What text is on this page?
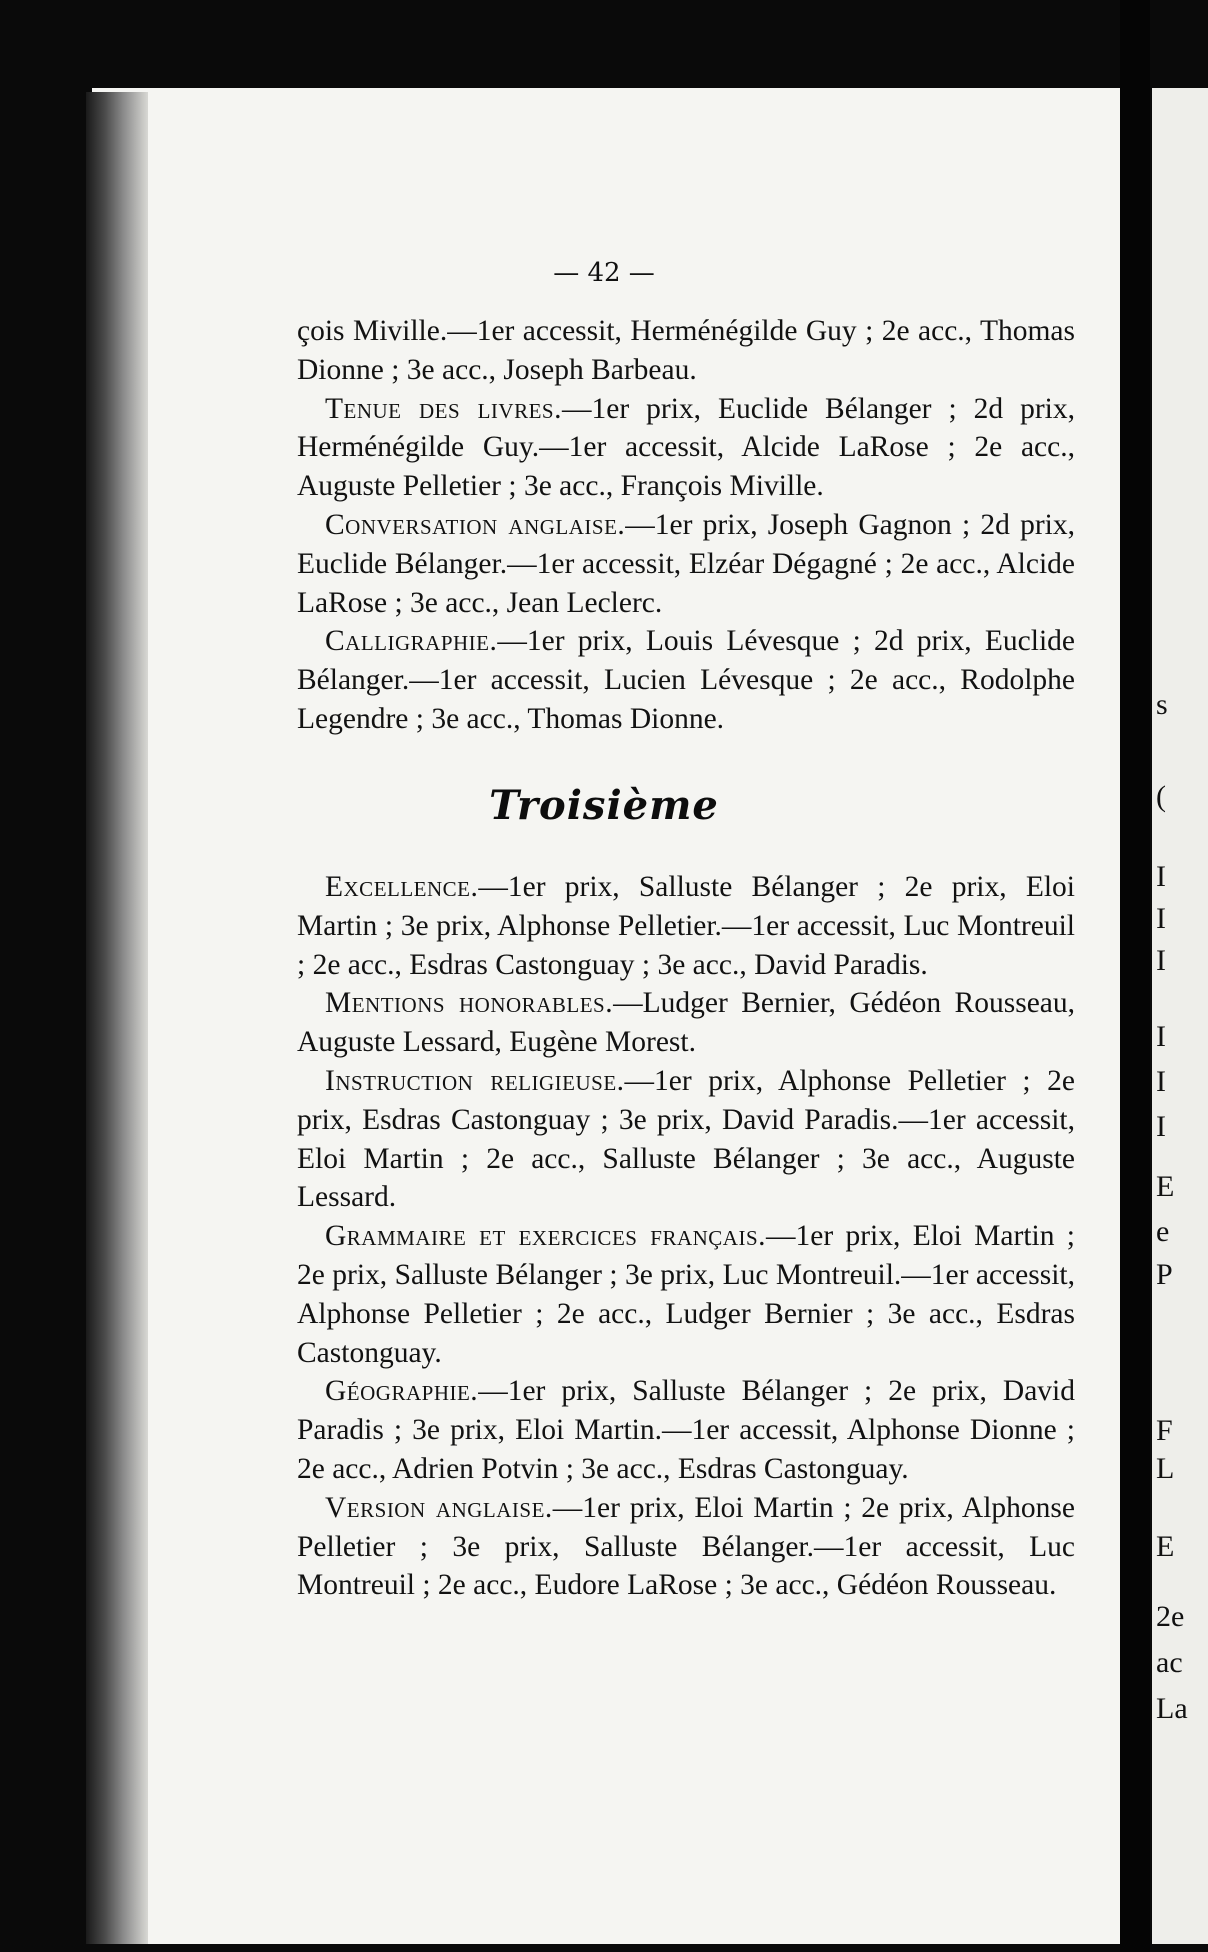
s
(
I
I
I
I
I
I
E
e
P
F
L
E
2e
ac
La
— 42 —

çois Miville.—1er accessit, Herménégilde Guy ; 2e acc., Thomas Dionne ; 3e acc., Joseph Barbeau.

Tenue des livres.—1er prix, Euclide Bélanger ; 2d prix, Herménégilde Guy.—1er accessit, Alcide LaRose ; 2e acc., Auguste Pelletier ; 3e acc., François Miville.

Conversation anglaise.—1er prix, Joseph Gagnon ; 2d prix, Euclide Bélanger.—1er accessit, Elzéar Dégagné ; 2e acc., Alcide LaRose ; 3e acc., Jean Leclerc.

Calligraphie.—1er prix, Louis Lévesque ; 2d prix, Euclide Bélanger.—1er accessit, Lucien Lévesque ; 2e acc., Rodolphe Legendre ; 3e acc., Thomas Dionne.

Troisième

Excellence.—1er prix, Salluste Bélanger ; 2e prix, Eloi Martin ; 3e prix, Alphonse Pelletier.—1er accessit, Luc Montreuil ; 2e acc., Esdras Castonguay ; 3e acc., David Paradis.

Mentions honorables.—Ludger Bernier, Gédéon Rousseau, Auguste Lessard, Eugène Morest.

Instruction religieuse.—1er prix, Alphonse Pelletier ; 2e prix, Esdras Castonguay ; 3e prix, David Paradis.—1er accessit, Eloi Martin ; 2e acc., Salluste Bélanger ; 3e acc., Auguste Lessard.

Grammaire et exercices français.—1er prix, Eloi Martin ; 2e prix, Salluste Bélanger ; 3e prix, Luc Montreuil.—1er accessit, Alphonse Pelletier ; 2e acc., Ludger Bernier ; 3e acc., Esdras Castonguay.

Géographie.—1er prix, Salluste Bélanger ; 2e prix, David Paradis ; 3e prix, Eloi Martin.—1er accessit, Alphonse Dionne ; 2e acc., Adrien Potvin ; 3e acc., Esdras Castonguay.

Version anglaise.—1er prix, Eloi Martin ; 2e prix, Alphonse Pelletier ; 3e prix, Salluste Bélanger.—1er accessit, Luc Montreuil ; 2e acc., Eudore LaRose ; 3e acc., Gédéon Rousseau.
